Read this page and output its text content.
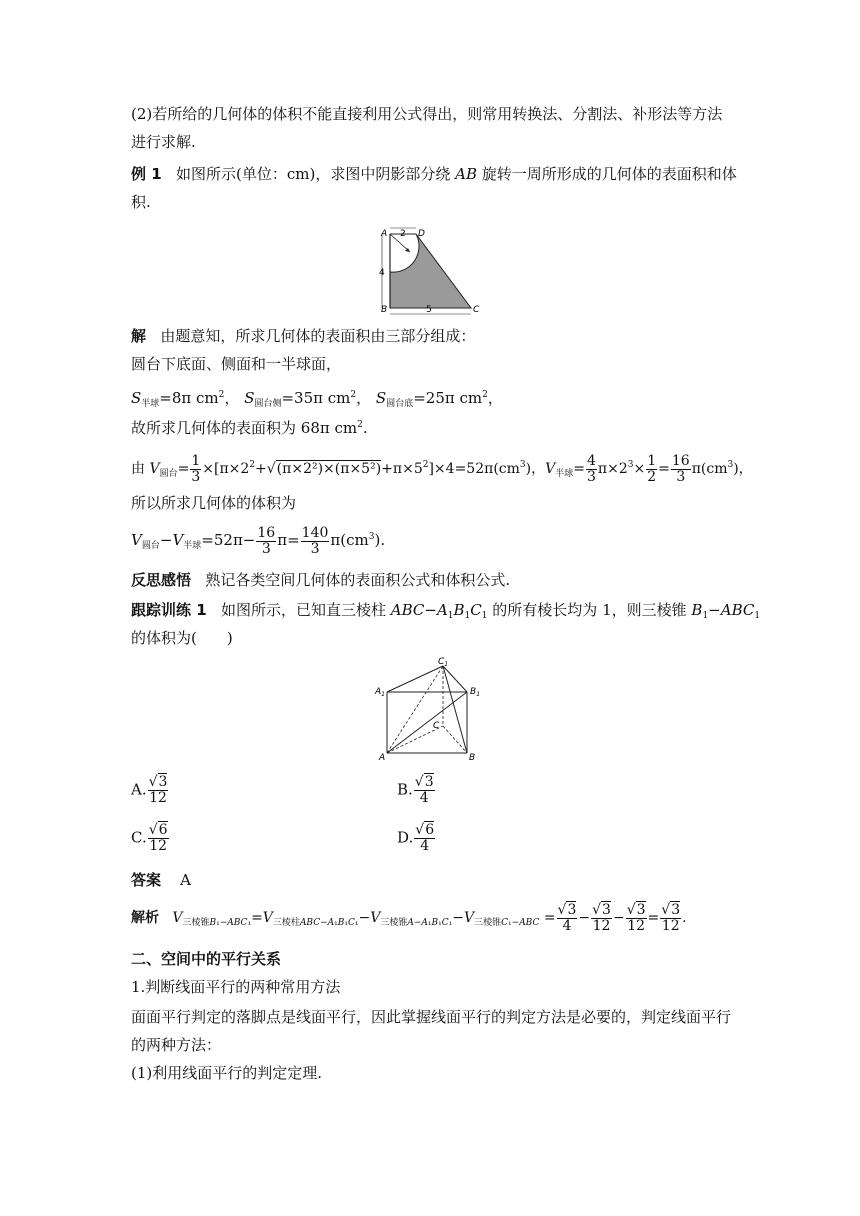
(2)若所给的几何体的体积不能直接利用公式得出，则常用转换法、分割法、补形法等方法
进行求解.
例 1 如图所示(单位：cm)，求图中阴影部分绕 AB 旋转一周所形成的几何体的表面积和体
积.
A
B	C
D
2
4
5
解 由题意知，所求几何体的表面积由三部分组成：
圆台下底面、侧面和一半球面，
$S_{半球}=8\pi$ $cm^2$， $S_{圆台侧}=35\pi$ $cm^2$， $S_{圆台底}=25\pi$ $cm^2$，
故所求几何体的表面积为 68π $cm^2$.
由 $V_{圆台}= \frac{1}{3} \times[\pi\times 2^2+√(\pi\times 2^2)\times(\pi\times 5^2)+\pi\times 5^2]\times 4=52\pi(cm^3)$，$V_{半球}= \frac{4}{3} \pi\times 2^3\times \frac{1}{2} = \frac{16}{3} \pi(cm^3)$，
所以所求几何体的体积为
$V_{圆台}-V_{半球}=52\pi- \frac{16}{3} \pi= \frac{140}{3} \pi(cm^3)$.
反思感悟 熟记各类空间几何体的表面积公式和体积公式.
跟踪训练 1 如图所示，已知直三棱柱 $ABC-A_1B_1C_1$ 的所有棱长均为 1，则三棱锥 $B_1-ABC_1$
的体积为(　　)
$C_1$
$A_1$	$B_1$
C
A	B
A. $\frac{√3}{12}$	B. $\frac{√3}{4}$
C. $\frac{√6}{12}$	D. $\frac{√6}{4}$
答案 A
解析 $V_{三棱锥B_1-ABC_1}=V_{三棱柱ABC-A_1B_1C_1}-V_{三棱锥A-A_1B_1C_1}-V_{三棱锥C_1-ABC} = \frac{√3}{4} - \frac{√3}{12} - \frac{√3}{12} = \frac{√3}{12}$ .
二、空间中的平行关系
1.判断线面平行的两种常用方法
面面平行判定的落脚点是线面平行，因此掌握线面平行的判定方法是必要的，判定线面平行
的两种方法：
(1)利用线面平行的判定定理.
